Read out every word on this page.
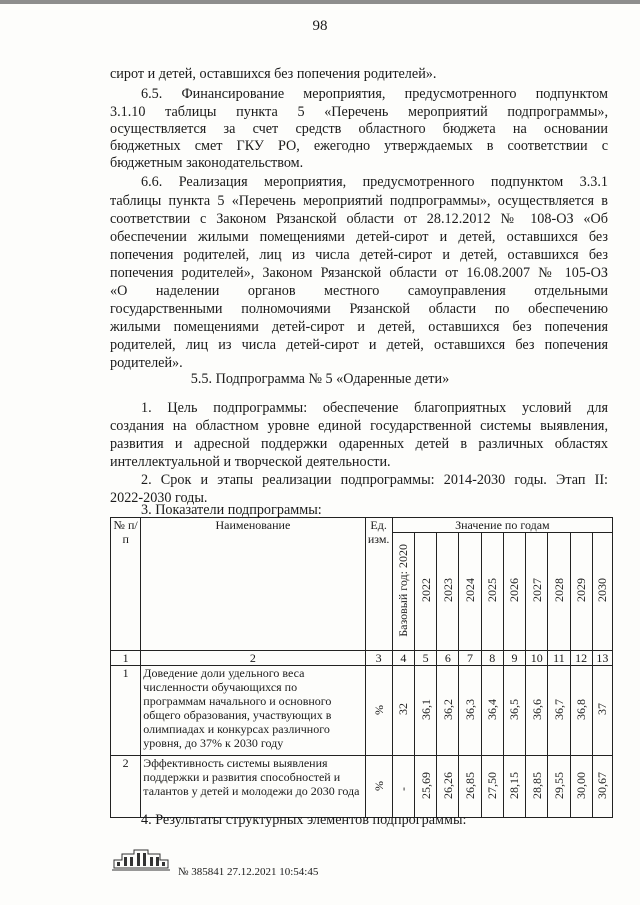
98
сирот и детей, оставшихся без попечения родителей».
6.5. Финансирование мероприятия, предусмотренного подпунктом
3.1.10 таблицы пункта 5 «Перечень мероприятий подпрограммы»,
осуществляется за счет средств областного бюджета на основании
бюджетных смет ГКУ РО, ежегодно утверждаемых в соответствии с
бюджетным законодательством.
6.6. Реализация мероприятия, предусмотренного подпунктом 3.3.1
таблицы пункта 5 «Перечень мероприятий подпрограммы», осуществляется в
соответствии с Законом Рязанской области от 28.12.2012 № 108-ОЗ «Об
обеспечении жилыми помещениями детей-сирот и детей, оставшихся без
попечения родителей, лиц из числа детей-сирот и детей, оставшихся без
попечения родителей», Законом Рязанской области от 16.08.2007 № 105-ОЗ
«О наделении органов местного самоуправления отдельными
государственными полномочиями Рязанской области по обеспечению
жилыми помещениями детей-сирот и детей, оставшихся без попечения
родителей, лиц из числа детей-сирот и детей, оставшихся без попечения
родителей».
5.5. Подпрограмма № 5 «Одаренные дети»
1. Цель подпрограммы: обеспечение благоприятных условий для
создания на областном уровне единой государственной системы выявления,
развития и адресной поддержки одаренных детей в различных областях
интеллектуальной и творческой деятельности.
2. Срок и этапы реализации подпрограммы: 2014-2030 годы. Этап II:
2022-2030 годы.
3. Показатели подпрограммы:
№ п/п	Наименование	Ед. изм.	Значение по годам									
			Базовый год: 2020	2022	2023	2024	2025	2026	2027	2028	2029	2030
1	2	3	4	5	6	7	8	9	10	11	12	13
1	Доведение доли удельного веса численности обучающихся по программам начального и основного общего образования, участвующих в олимпиадах и конкурсах различного уровня, до 37% к 2030 году	%	32	36,1	36,2	36,3	36,4	36,5	36,6	36,7	36,8	37
2	Эффективность системы выявления поддержки и развития способностей и талантов у детей и молодежи до 2030 года	%	-	25,69	26,26	26,85	27,50	28,15	28,85	29,55	30,00	30,67
4. Результаты структурных элементов подпрограммы:
№ 385841 27.12.2021 10:54:45
